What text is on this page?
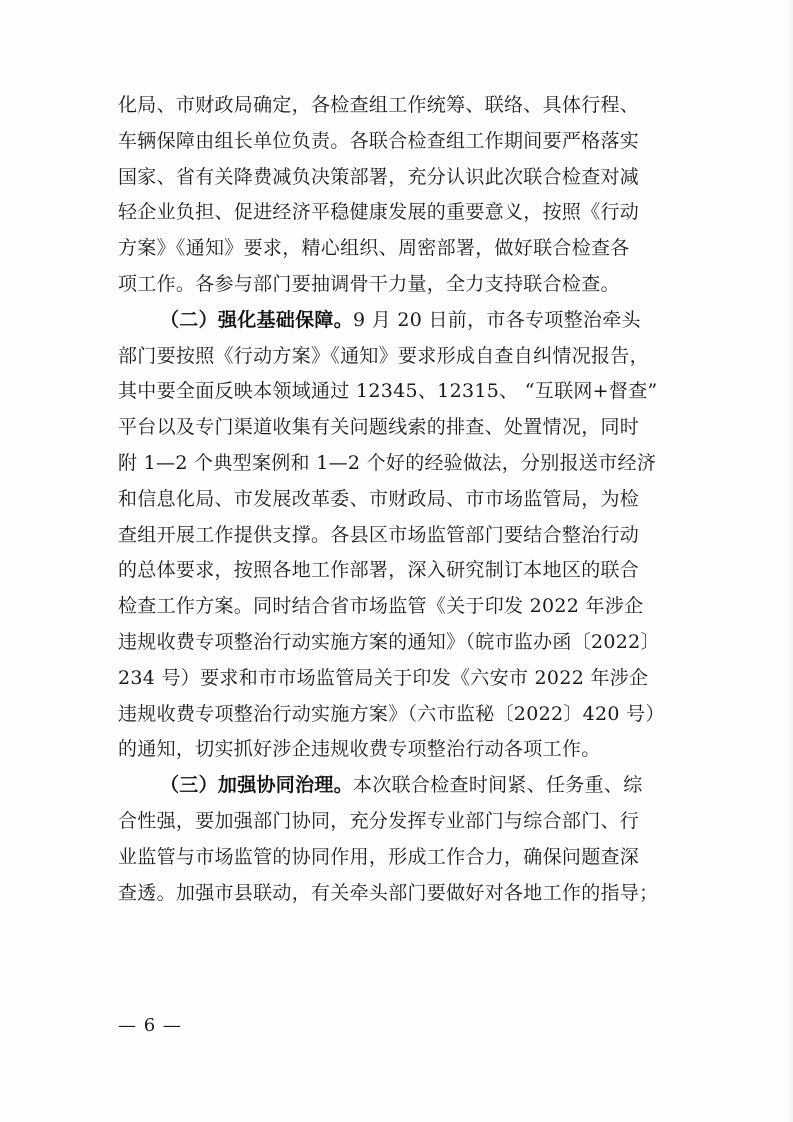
化局、市财政局确定，各检查组工作统筹、联络、具体行程、
车辆保障由组长单位负责。各联合检查组工作期间要严格落实
国家、省有关降费减负决策部署，充分认识此次联合检查对减
轻企业负担、促进经济平稳健康发展的重要意义，按照《行动
方案》《通知》要求，精心组织、周密部署，做好联合检查各
项工作。各参与部门要抽调骨干力量，全力支持联合检查。
（二）强化基础保障。9 月 20 日前，市各专项整治牵头
部门要按照《行动方案》《通知》要求形成自查自纠情况报告，
其中要全面反映本领域通过 12345、12315、 “互联网+督查”
平台以及专门渠道收集有关问题线索的排查、处置情况，同时
附 1—2 个典型案例和 1—2 个好的经验做法，分别报送市经济
和信息化局、市发展改革委、市财政局、市市场监管局，为检
查组开展工作提供支撑。各县区市场监管部门要结合整治行动
的总体要求，按照各地工作部署，深入研究制订本地区的联合
检查工作方案。同时结合省市场监管《关于印发 2022 年涉企
违规收费专项整治行动实施方案的通知》（皖市监办函〔2022〕
234 号）要求和市市场监管局关于印发《六安市 2022 年涉企
违规收费专项整治行动实施方案》（六市监秘〔2022〕420 号）
的通知，切实抓好涉企违规收费专项整治行动各项工作。
（三）加强协同治理。本次联合检查时间紧、任务重、综
合性强，要加强部门协同，充分发挥专业部门与综合部门、行
业监管与市场监管的协同作用，形成工作合力，确保问题查深
查透。加强市县联动，有关牵头部门要做好对各地工作的指导；
— 6 —
